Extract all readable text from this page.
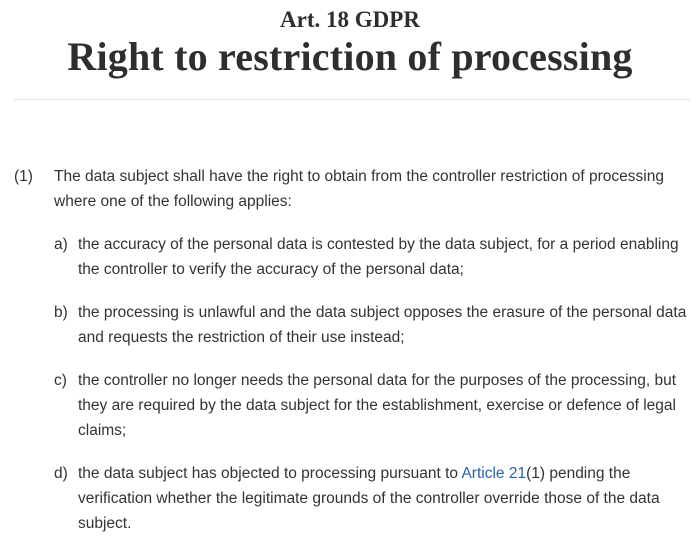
Art. 18 GDPR
Right to restriction of processing
(1)	The data subject shall have the right to obtain from the controller restriction of processing where one of the following applies:
a) the accuracy of the personal data is contested by the data subject, for a period enabling the controller to verify the accuracy of the personal data;
b) the processing is unlawful and the data subject opposes the erasure of the personal data and requests the restriction of their use instead;
c) the controller no longer needs the personal data for the purposes of the processing, but they are required by the data subject for the establishment, exercise or defence of legal claims;
d) the data subject has objected to processing pursuant to Article 21(1) pending the verification whether the legitimate grounds of the controller override those of the data subject.
